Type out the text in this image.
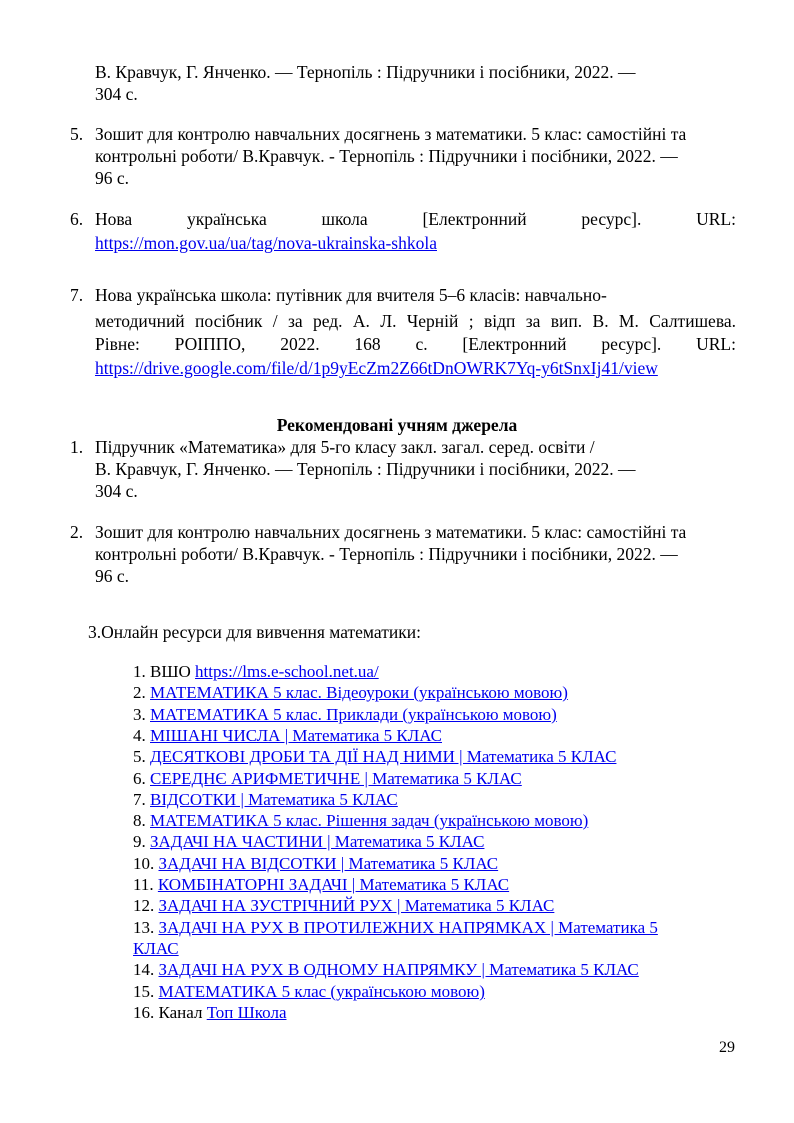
В. Кравчук, Г. Янченко. — Тернопіль : Підручники і посібники, 2022. —
304 с.
5. Зошит для контролю навчальних досягнень з математики. 5 клас: самостійні та
контрольні роботи/ В.Кравчук. - Тернопіль : Підручники і посібники, 2022. —
96 с.
6. Нова українська школа [Електронний ресурс]. URL:
https://mon.gov.ua/ua/tag/nova-ukrainska-shkola
7. Нова українська школа: путівник для вчителя 5–6 класів: навчально-
методичний посібник / за ред. А. Л. Черній ; відп за вип. В. М. Салтишева.
Рівне: РОІППО, 2022. 168 с. [Електронний ресурс]. URL:
https://drive.google.com/file/d/1p9yEcZm2Z66tDnOWRK7Yq-y6tSnxIj41/view
Рекомендовані учням джерела
1. Підручник «Математика» для 5-го класу закл. загал. серед. освіти /
В. Кравчук, Г. Янченко. — Тернопіль : Підручники і посібники, 2022. —
304 с.
2. Зошит для контролю навчальних досягнень з математики. 5 клас: самостійні та
контрольні роботи/ В.Кравчук. - Тернопіль : Підручники і посібники, 2022. —
96 с.
3.Онлайн ресурси для вивчення математики:
1. ВШО https://lms.e-school.net.ua/
2. МАТЕМАТИКА 5 клас. Відеоуроки (українською мовою)
3. МАТЕМАТИКА 5 клас. Приклади (українською мовою)
4. МІШАНІ ЧИСЛА | Математика 5 КЛАС
5. ДЕСЯТКОВІ ДРОБИ ТА ДІЇ НАД НИМИ | Математика 5 КЛАС
6. СЕРЕДНЄ АРИФМЕТИЧНЕ | Математика 5 КЛАС
7. ВІДСОТКИ | Математика 5 КЛАС
8. МАТЕМАТИКА 5 клас. Рішення задач (українською мовою)
9. ЗАДАЧІ НА ЧАСТИНИ | Математика 5 КЛАС
10. ЗАДАЧІ НА ВІДСОТКИ | Математика 5 КЛАС
11. КОМБІНАТОРНІ ЗАДАЧІ | Математика 5 КЛАС
12. ЗАДАЧІ НА ЗУСТРІЧНИЙ РУХ | Математика 5 КЛАС
13. ЗАДАЧІ НА РУХ В ПРОТИЛЕЖНИХ НАПРЯМКАХ | Математика 5
КЛАС
14. ЗАДАЧІ НА РУХ В ОДНОМУ НАПРЯМКУ | Математика 5 КЛАС
15. МАТЕМАТИКА 5 клас (українською мовою)
16. Канал Топ Школа
29
